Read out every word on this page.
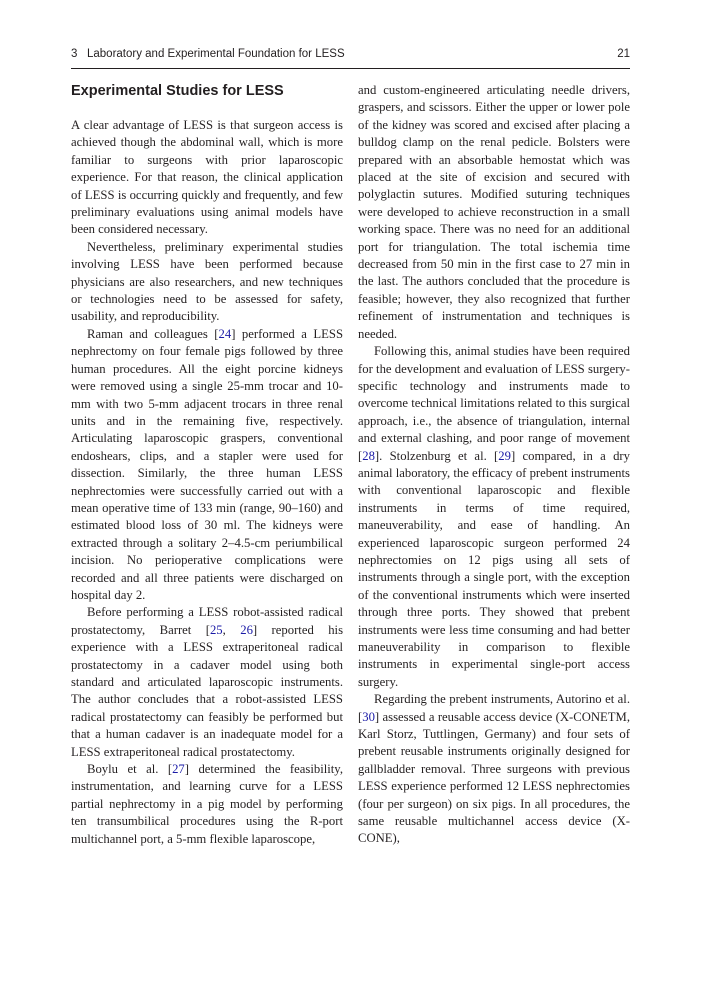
3   Laboratory and Experimental Foundation for LESS	21
Experimental Studies for LESS

A clear advantage of LESS is that surgeon access is achieved though the abdominal wall, which is more familiar to surgeons with prior laparoscopic experience. For that reason, the clinical application of LESS is occurring quickly and frequently, and few preliminary evaluations using animal models have been considered necessary.

Nevertheless, preliminary experimental studies involving LESS have been performed because physicians are also researchers, and new techniques or technologies need to be assessed for safety, usability, and reproducibility.

Raman and colleagues [24] performed a LESS nephrectomy on four female pigs followed by three human procedures. All the eight porcine kidneys were removed using a single 25-mm trocar and 10-mm with two 5-mm adjacent trocars in three renal units and in the remaining five, respectively. Articulating laparoscopic graspers, conventional endoshears, clips, and a stapler were used for dissection. Similarly, the three human LESS nephrectomies were successfully carried out with a mean operative time of 133 min (range, 90–160) and estimated blood loss of 30 ml. The kidneys were extracted through a solitary 2–4.5-cm periumbilical incision. No perioperative complications were recorded and all three patients were discharged on hospital day 2.

Before performing a LESS robot-assisted radical prostatectomy, Barret [25, 26] reported his experience with a LESS extraperitoneal radical prostatectomy in a cadaver model using both standard and articulated laparoscopic instruments. The author concludes that a robot-assisted LESS radical prostatectomy can feasibly be performed but that a human cadaver is an inadequate model for a LESS extraperitoneal radical prostatectomy.

Boylu et al. [27] determined the feasibility, instrumentation, and learning curve for a LESS partial nephrectomy in a pig model by performing ten transumbilical procedures using the R-port multichannel port, a 5-mm flexible laparoscope,

and custom-engineered articulating needle drivers, graspers, and scissors. Either the upper or lower pole of the kidney was scored and excised after placing a bulldog clamp on the renal pedicle. Bolsters were prepared with an absorbable hemostat which was placed at the site of excision and secured with polyglactin sutures. Modified suturing techniques were developed to achieve reconstruction in a small working space. There was no need for an additional port for triangulation. The total ischemia time decreased from 50 min in the first case to 27 min in the last. The authors concluded that the procedure is feasible; however, they also recognized that further refinement of instrumentation and techniques is needed.

Following this, animal studies have been required for the development and evaluation of LESS surgery-specific technology and instruments made to overcome technical limitations related to this surgical approach, i.e., the absence of triangulation, internal and external clashing, and poor range of movement [28]. Stolzenburg et al. [29] compared, in a dry animal laboratory, the efficacy of prebent instruments with conventional laparoscopic and flexible instruments in terms of time required, maneuverability, and ease of handling. An experienced laparoscopic surgeon performed 24 nephrectomies on 12 pigs using all sets of instruments through a single port, with the exception of the conventional instruments which were inserted through three ports. They showed that prebent instruments were less time consuming and had better maneuverability in comparison to flexible instruments in experimental single-port access surgery.

Regarding the prebent instruments, Autorino et al. [30] assessed a reusable access device (X-CONETM, Karl Storz, Tuttlingen, Germany) and four sets of prebent reusable instruments originally designed for gallbladder removal. Three surgeons with previous LESS experience performed 12 LESS nephrectomies (four per surgeon) on six pigs. In all procedures, the same reusable multichannel access device (X-CONE),
